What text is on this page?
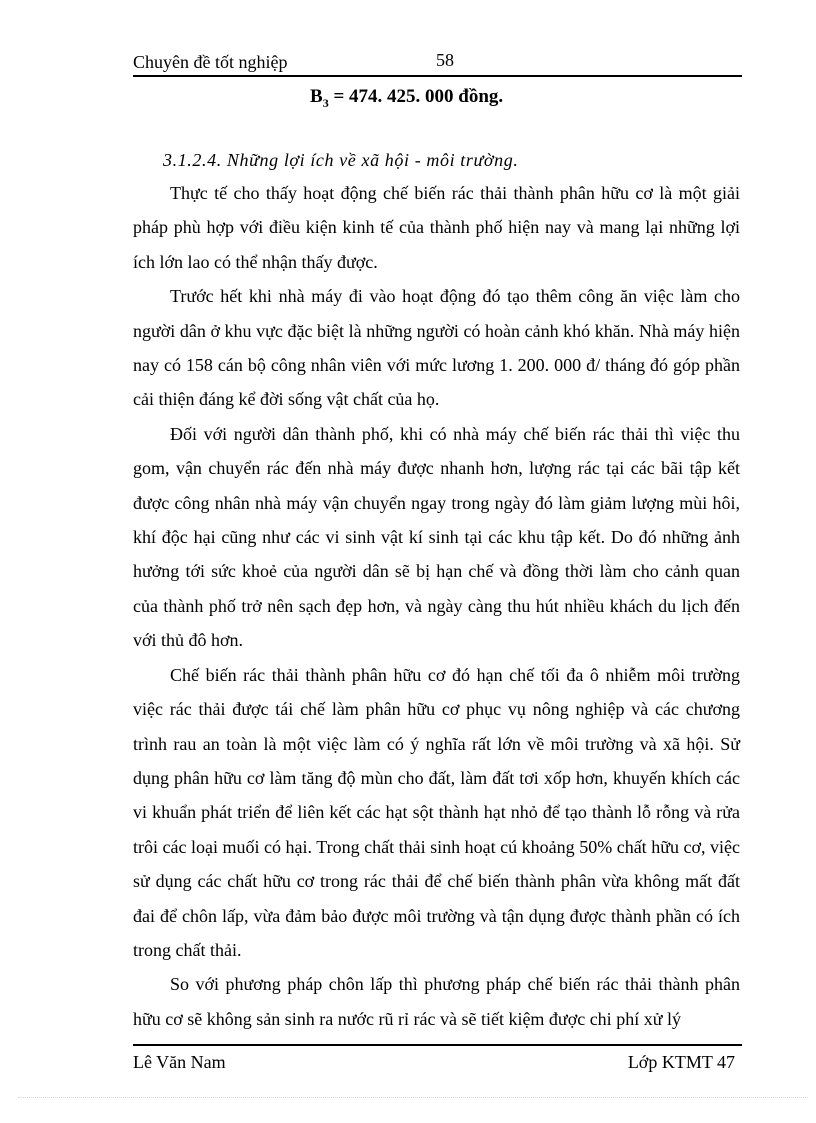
Chuyên đề tốt nghiệp	58
$B_3 = 474$. 425. 000 đồng.
3.1.2.4. Những lợi ích về xã hội - môi trường.

Thực tế cho thấy hoạt động chế biến rác thải thành phân hữu cơ là một giải pháp phù hợp với điều kiện kinh tế của thành phố hiện nay và mang lại những lợi ích lớn lao có thể nhận thấy được.

Trước hết khi nhà máy đi vào hoạt động đó tạo thêm công ăn việc làm cho người dân ở khu vực đặc biệt là những người có hoàn cảnh khó khăn. Nhà máy hiện nay có 158 cán bộ công nhân viên với mức lương 1. 200. 000 đ/ tháng đó góp phần cải thiện đáng kể đời sống vật chất của họ.

Đối với người dân thành phố, khi có nhà máy chế biến rác thải thì việc thu gom, vận chuyển rác đến nhà máy được nhanh hơn, lượng rác tại các bãi tập kết được công nhân nhà máy vận chuyển ngay trong ngày đó làm giảm lượng mùi hôi, khí độc hại cũng như các vi sinh vật kí sinh tại các khu tập kết. Do đó những ảnh hưởng tới sức khoẻ của người dân sẽ bị hạn chế và đồng thời làm cho cảnh quan của thành phố trở nên sạch đẹp hơn, và ngày càng thu hút nhiều khách du lịch đến với thủ đô hơn.

Chế biến rác thải thành phân hữu cơ đó hạn chế tối đa ô nhiễm môi trường việc rác thải được tái chế làm phân hữu cơ phục vụ nông nghiệp và các chương trình rau an toàn là một việc làm có ý nghĩa rất lớn về môi trường và xã hội. Sử dụng phân hữu cơ làm tăng độ mùn cho đất, làm đất tơi xốp hơn, khuyến khích các vi khuẩn phát triển để liên kết các hạt sột thành hạt nhỏ để tạo thành lỗ rỗng và rửa trôi các loại muối có hại. Trong chất thải sinh hoạt cú khoảng 50% chất hữu cơ, việc sử dụng các chất hữu cơ trong rác thải để chế biến thành phân vừa không mất đất đai để chôn lấp, vừa đảm bảo được môi trường và tận dụng được thành phần có ích trong chất thải.

So với phương pháp chôn lấp thì phương pháp chế biến rác thải thành phân hữu cơ sẽ không sản sinh ra nước rũ rỉ rác và sẽ tiết kiệm được chi phí xử lý

Lê Văn Nam	Lớp KTMT 47
